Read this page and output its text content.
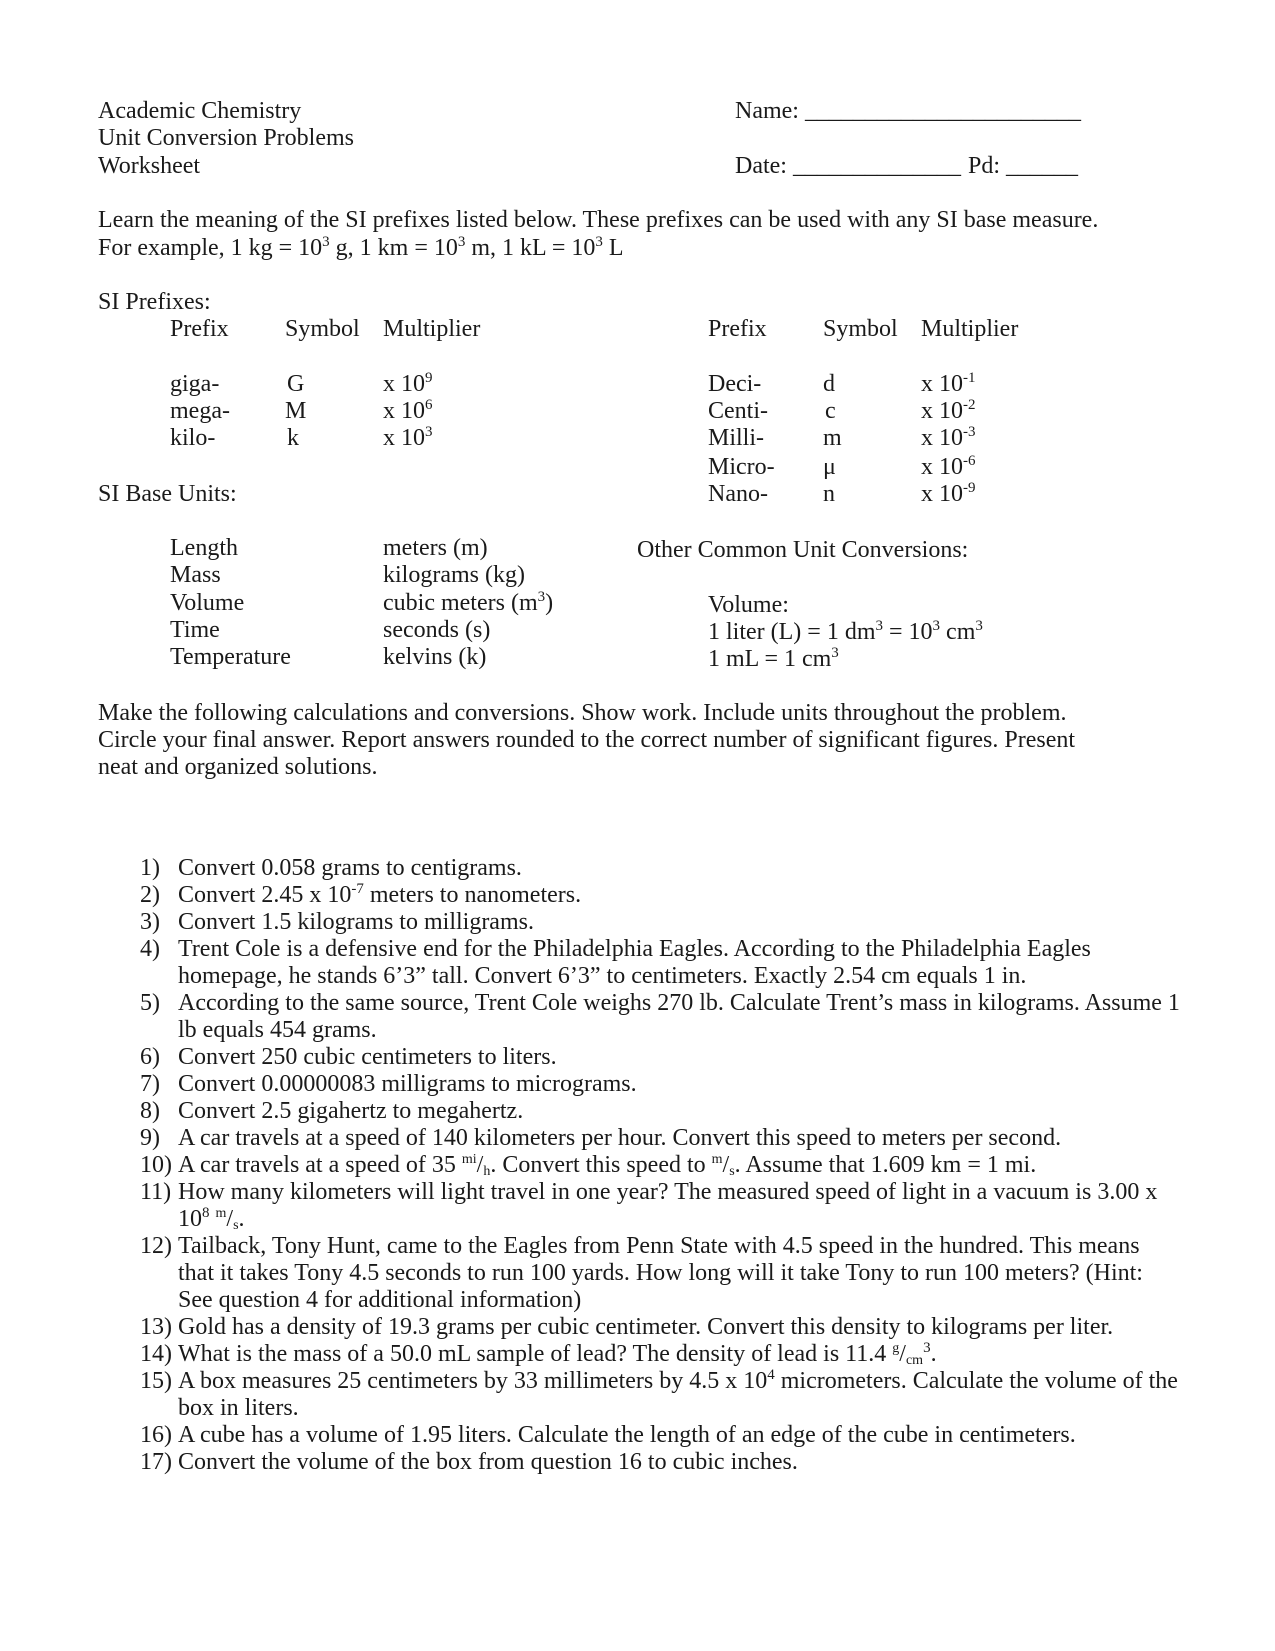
Academic Chemistry
Unit Conversion Problems
Worksheet
Name: _______________________
Date: ______________ Pd: ______
Learn the meaning of the SI prefixes listed below. These prefixes can be used with any SI base measure.
For example, 1 kg = $10^3$ g, 1 km = $10^3$ m, 1 kL = $10^3$ L
SI Prefixes:
Prefix Symbol Multiplier	Prefix Symbol Multiplier
giga-	G	x $10^9$
mega- M	x $10^6$
kilo-	k	x $10^3$
Deci-	d	x $10^{-1}$
Centi- c	x $10^{-2}$
Milli- m	x $10^{-3}$
Micro- μ	x $10^{-6}$
Nano- n	x $10^{-9}$
SI Base Units:
Length	meters (m)
Mass	kilograms (kg)
Volume	cubic meters $(m^3)$
Time	seconds (s)
Temperature	kelvins (k)
Other Common Unit Conversions:
Volume:
1 liter (L) = 1 $dm^3 = 10^3$ $cm^3$
1 mL = 1 $cm^3$
Make the following calculations and conversions. Show work. Include units throughout the problem.
Circle your final answer. Report answers rounded to the correct number of significant figures. Present
neat and organized solutions.
1) Convert 0.058 grams to centigrams.
2) Convert 2.45 x $10^{-7}$ meters to nanometers.
3) Convert 1.5 kilograms to milligrams.
4) Trent Cole is a defensive end for the Philadelphia Eagles. According to the Philadelphia Eagles homepage, he stands 6’3” tall. Convert 6’3” to centimeters. Exactly 2.54 cm equals 1 in.
5) According to the same source, Trent Cole weighs 270 lb. Calculate Trent’s mass in kilograms. Assume 1 lb equals 454 grams.
6) Convert 250 cubic centimeters to liters.
7) Convert 0.00000083 milligrams to micrograms.
8) Convert 2.5 gigahertz to megahertz.
9) A car travels at a speed of 140 kilometers per hour. Convert this speed to meters per second.
10) A car travels at a speed of 35 $^{mi}/_h$. Convert this speed to $^m/_s$. Assume that 1.609 km = 1 mi.
11) How many kilometers will light travel in one year? The measured speed of light in a vacuum is 3.00 x $10^8$ $^m/_s$.
12) Tailback, Tony Hunt, came to the Eagles from Penn State with 4.5 speed in the hundred. This means that it takes Tony 4.5 seconds to run 100 yards. How long will it take Tony to run 100 meters? (Hint: See question 4 for additional information)
13) Gold has a density of 19.3 grams per cubic centimeter. Convert this density to kilograms per liter.
14) What is the mass of a 50.0 mL sample of lead? The density of lead is 11.4 $^g/_{cm}^3$.
15) A box measures 25 centimeters by 33 millimeters by 4.5 x $10^4$ micrometers. Calculate the volume of the box in liters.
16) A cube has a volume of 1.95 liters. Calculate the length of an edge of the cube in centimeters.
17) Convert the volume of the box from question 16 to cubic inches.
